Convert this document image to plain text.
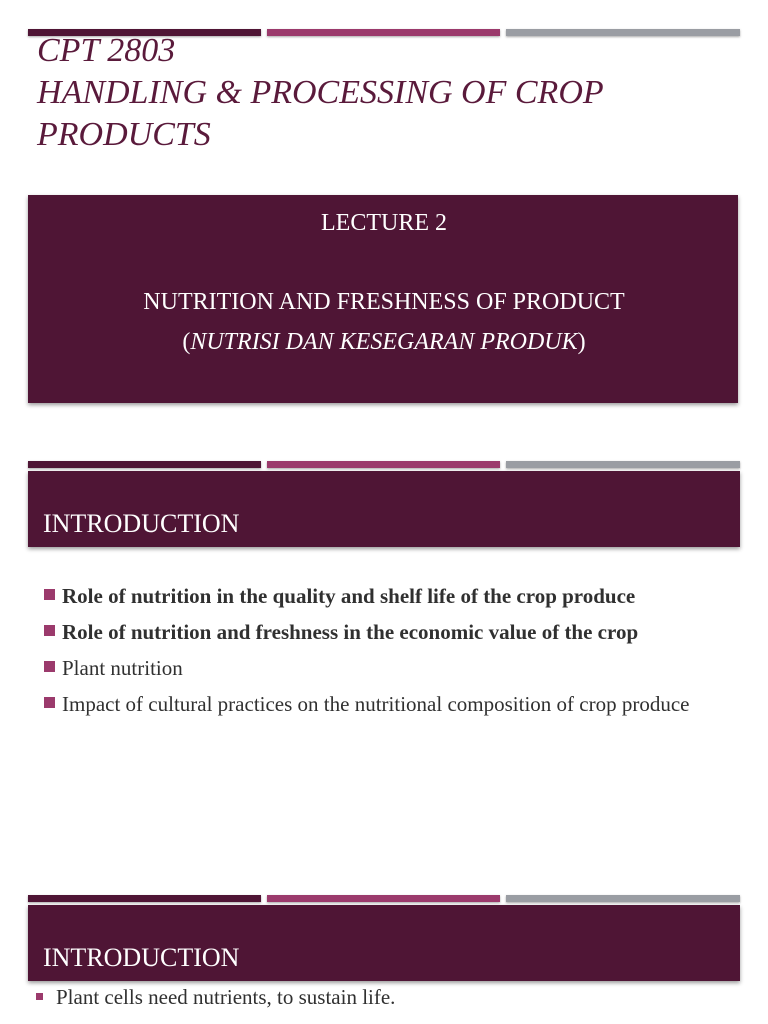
CPT 2803
HANDLING & PROCESSING OF CROP
PRODUCTS
LECTURE 2
NUTRITION AND FRESHNESS OF PRODUCT
(NUTRISI DAN KESEGARAN PRODUK)
INTRODUCTION
Role of nutrition in the quality and shelf life of the crop produce
Role of nutrition and freshness in the economic value of the crop
Plant nutrition
Impact of cultural practices on the nutritional composition of crop produce
INTRODUCTION
Plant cells need nutrients, to sustain life.
